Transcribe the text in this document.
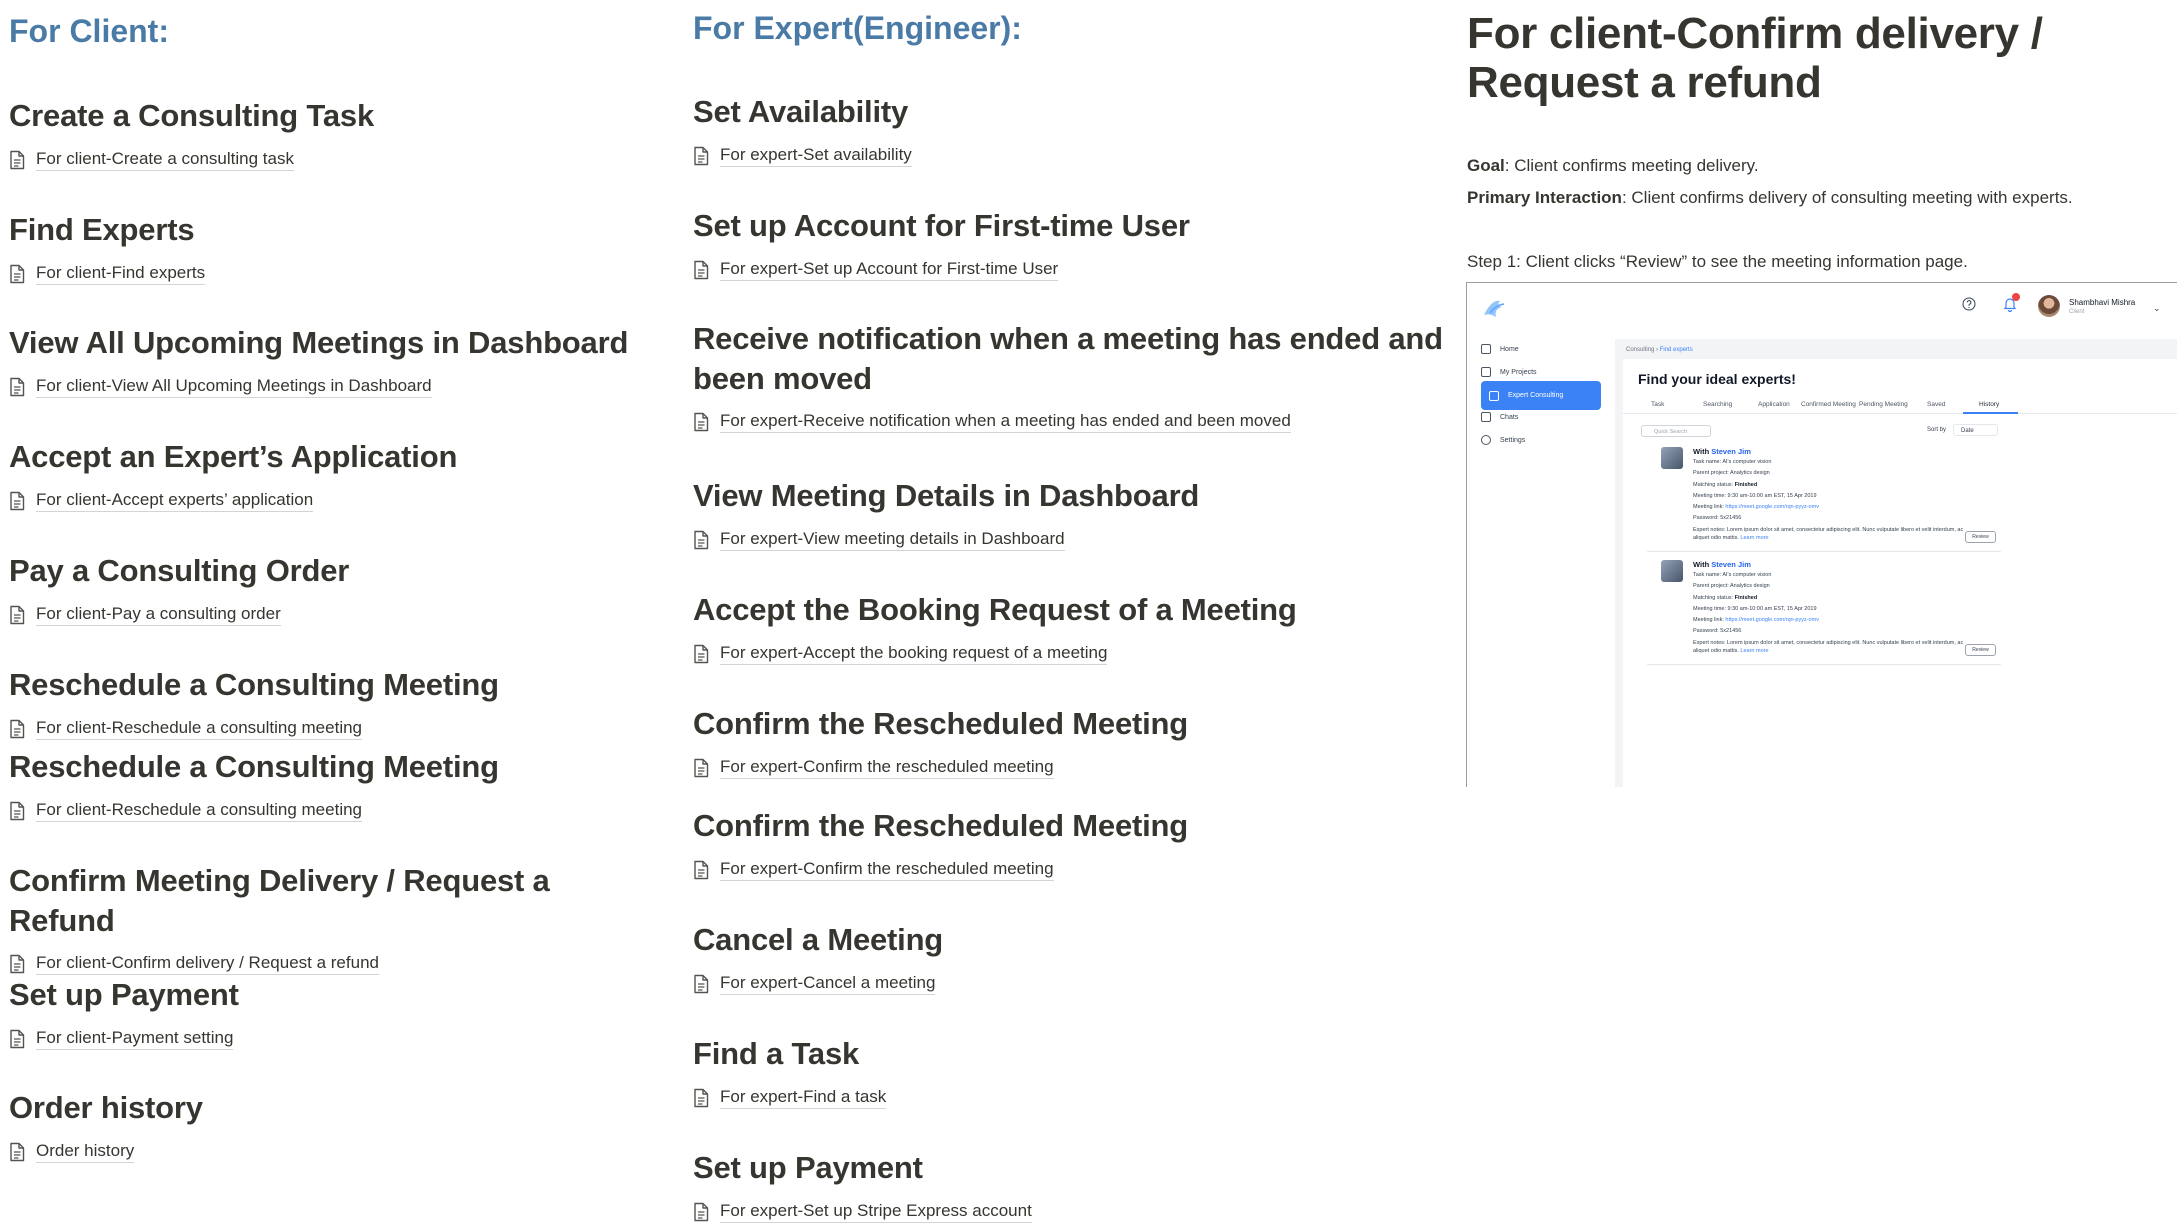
For Client:
Create a Consulting Task
For client-Create a consulting task
Find Experts
For client-Find experts
View All Upcoming Meetings in Dashboard
For client-View All Upcoming Meetings in Dashboard
Accept an Expert’s Application
For client-Accept experts’ application
Pay a Consulting Order
For client-Pay a consulting order
Reschedule a Consulting Meeting
For client-Reschedule a consulting meeting
Reschedule a Consulting Meeting
For client-Reschedule a consulting meeting
Confirm Meeting Delivery / Request a Refund
For client-Confirm delivery / Request a refund
Set up Payment
For client-Payment setting
Order history
Order history
For Expert(Engineer):
Set Availability
For expert-Set availability
Set up Account for First-time User
For expert-Set up Account for First-time User
Receive notification when a meeting has ended and been moved
For expert-Receive notification when a meeting has ended and been moved
View Meeting Details in Dashboard
For expert-View meeting details in Dashboard
Accept the Booking Request of a Meeting
For expert-Accept the booking request of a meeting
Confirm the Rescheduled Meeting
For expert-Confirm the rescheduled meeting
Confirm the Rescheduled Meeting
For expert-Confirm the rescheduled meeting
Cancel a Meeting
For expert-Cancel a meeting
Find a Task
For expert-Find a task
Set up Payment
For expert-Set up Stripe Express account
For client-Confirm delivery / Request a refund
Goal: Client confirms meeting delivery.
Primary Interaction: Client confirms delivery of consulting meeting with experts.
Step 1: Client clicks “Review” to see the meeting information page.
Shambhavi Mishra
Client	⌄
Home
My Projects
Expert Consulting
Chats
Settings
Consulting › Find experts
Find your ideal experts!
Task	Searching	Application Confirmed Meeting Pending Meeting	Saved	History
Quick Search	Sort by	Date
With Steven Jim
Task name: AI's computer vision
Parent project: Analytics design
Matching status: Finished
Meeting time: 9:30 am-10:00 am EST, 15 Apr 2019
Meeting link: https://meet.google.com/rqn-pyyz-omv
Password: 5x21456
Expert notes: Lorem ipsum dolor sit amet, consectetur adipiscing elit. Nunc vulputate libero et velit interdum, ac
aliquet odio mattis. Learn more	Review
With Steven Jim
Task name: AI's computer vision
Parent project: Analytics design
Matching status: Finished
Meeting time: 9:30 am-10:00 am EST, 15 Apr 2019
Meeting link: https://meet.google.com/rqn-pyyz-omv
Password: 5x21456
Expert notes: Lorem ipsum dolor sit amet, consectetur adipiscing elit. Nunc vulputate libero et velit interdum, ac
aliquet odio mattis. Learn more	Review
